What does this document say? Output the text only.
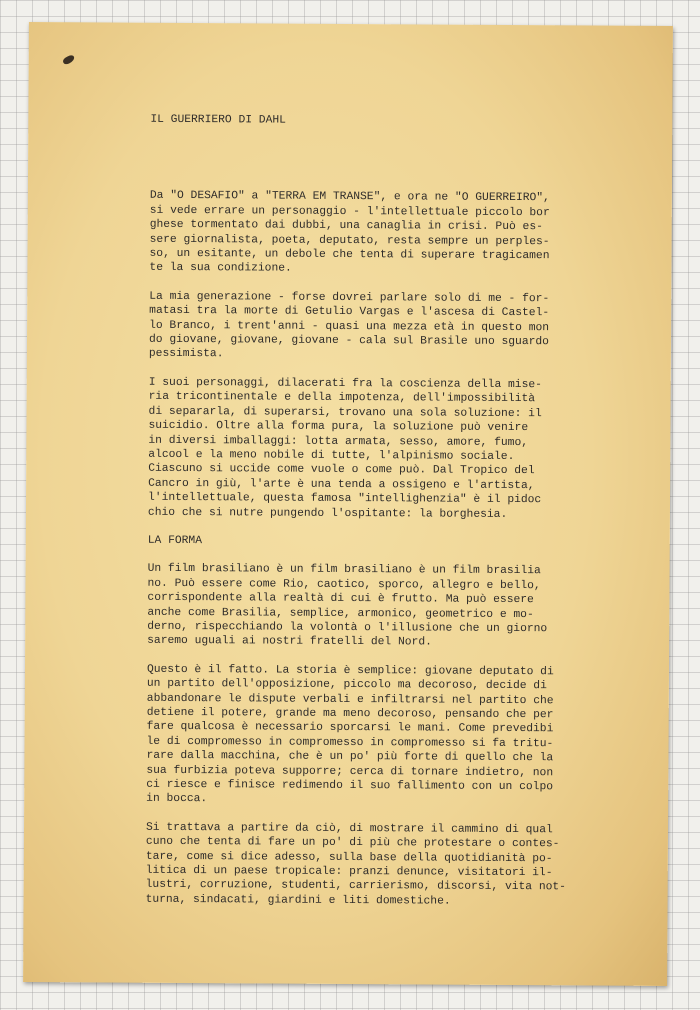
IL GUERRIERO DI DAHL
Da "O DESAFIO" a "TERRA EM TRANSE", e ora ne "O GUERREIRO",
si vede errare un personaggio - l'intellettuale piccolo bor
ghese tormentato dai dubbi, una canaglia in crisi. Può es-
sere giornalista, poeta, deputato, resta sempre un perples-
so, un esitante, un debole che tenta di superare tragicamen
te la sua condizione.
La mia generazione - forse dovrei parlare solo di me - for-
matasi tra la morte di Getulio Vargas e l'ascesa di Castel-
lo Branco, i trent'anni - quasi una mezza età in questo mon
do giovane, giovane, giovane - cala sul Brasile uno sguardo
pessimista.
I suoi personaggi, dilacerati fra la coscienza della mise-
ria tricontinentale e della impotenza, dell'impossibilità
di separarla, di superarsi, trovano una sola soluzione: il
suicidio. Oltre alla forma pura, la soluzione può venire
in diversi imballaggi: lotta armata, sesso, amore, fumo,
alcool e la meno nobile di tutte, l'alpinismo sociale.
Ciascuno si uccide come vuole o come può. Dal Tropico del
Cancro in giù, l'arte è una tenda a ossigeno e l'artista,
l'intellettuale, questa famosa "intellighenzia" è il pidoc
chio che si nutre pungendo l'ospitante: la borghesia.
LA FORMA
Un film brasiliano è un film brasiliano è un film brasilia
no. Può essere come Rio, caotico, sporco, allegro e bello,
corrispondente alla realtà di cui è frutto. Ma può essere
anche come Brasilia, semplice, armonico, geometrico e mo-
derno, rispecchiando la volontà o l'illusione che un giorno
saremo uguali ai nostri fratelli del Nord.
Questo è il fatto. La storia è semplice: giovane deputato di
un partito dell'opposizione, piccolo ma decoroso, decide di
abbandonare le dispute verbali e infiltrarsi nel partito che
detiene il potere, grande ma meno decoroso, pensando che per
fare qualcosa è necessario sporcarsi le mani. Come prevedibi
le di compromesso in compromesso in compromesso si fa tritu-
rare dalla macchina, che è un po' più forte di quello che la
sua furbizia poteva supporre; cerca di tornare indietro, non
ci riesce e finisce redimendo il suo fallimento con un colpo
in bocca.
Si trattava a partire da ciò, di mostrare il cammino di qual
cuno che tenta di fare un po' di più che protestare o contes-
tare, come si dice adesso, sulla base della quotidianità po-
litica di un paese tropicale: pranzi denunce, visitatori il-
lustri, corruzione, studenti, carrierismo, discorsi, vita not-
turna, sindacati, giardini e liti domestiche.
